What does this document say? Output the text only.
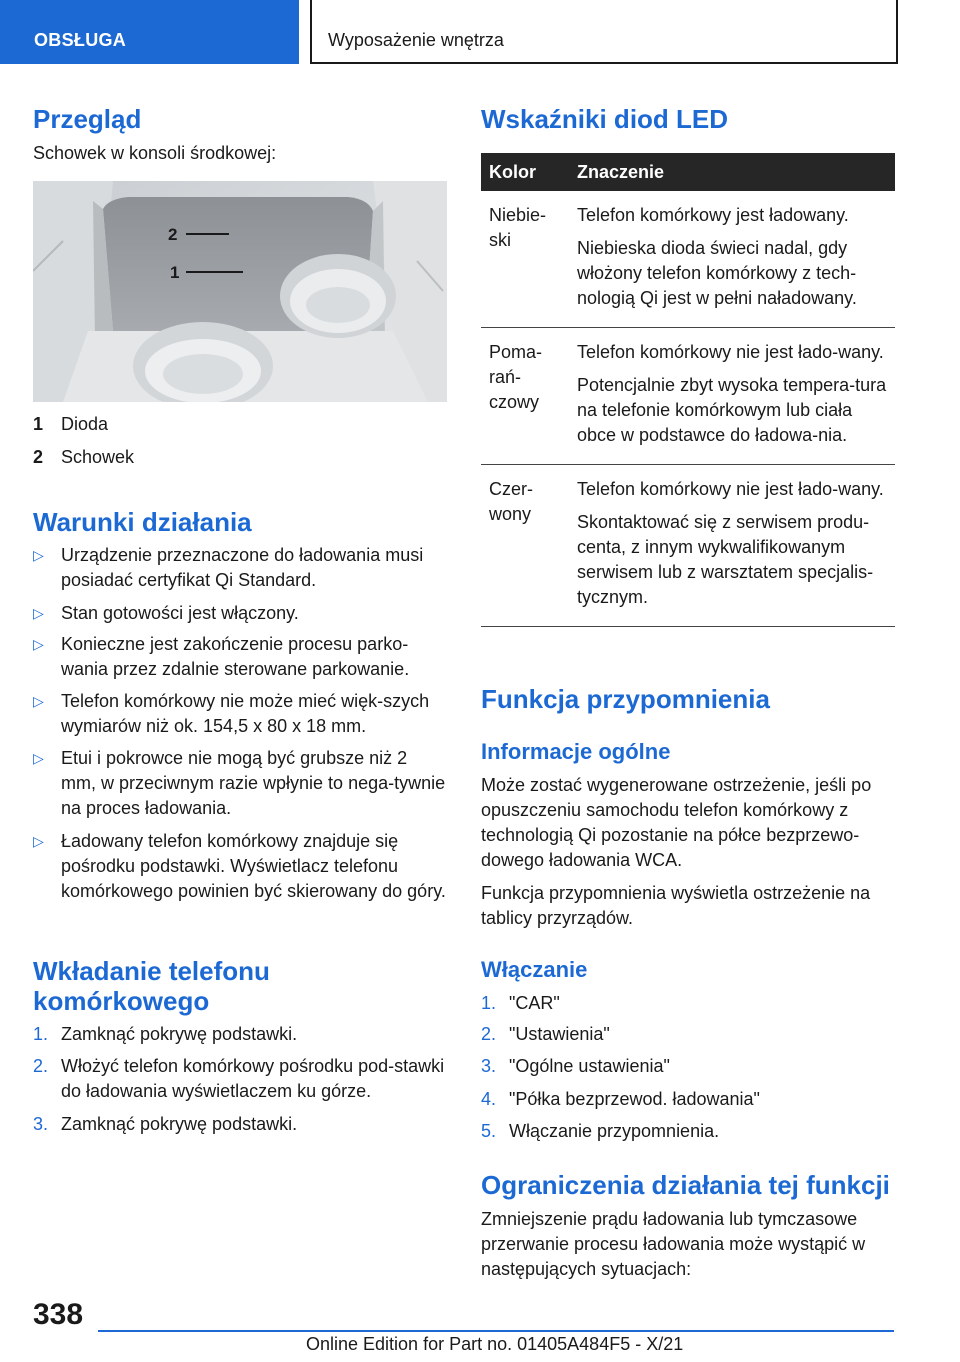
OBSŁUGA	Wyposażenie wnętrza
Przegląd

Schowek w konsoli środkowej:

2
1
1 Dioda
2 Schowek
Warunki działania
▷ Urządzenie przeznaczone do ładowania musi posiadać certyfikat Qi Standard.
▷ Stan gotowości jest włączony.
▷ Konieczne jest zakończenie procesu parko-wania przez zdalnie sterowane parkowanie.
▷ Telefon komórkowy nie może mieć więk-szych wymiarów niż ok. 154,5 x 80 x 18 mm.
▷ Etui i pokrowce nie mogą być grubsze niż 2 mm, w przeciwnym razie wpłynie to nega-tywnie na proces ładowania.
▷ Ładowany telefon komórkowy znajduje się pośrodku podstawki. Wyświetlacz telefonu komórkowego powinien być skierowany do góry.
Wkładanie telefonu
komórkowego
1. Zamknąć pokrywę podstawki.
2. Włożyć telefon komórkowy pośrodku pod-stawki do ładowania wyświetlaczem ku górze.
3. Zamknąć pokrywę podstawki.
Wskaźniki diod LED
Kolor	Znaczenie
Niebie-ski	Telefon komórkowy jest ładowany.
Niebieska dioda świeci nadal, gdy włożony telefon komórkowy z tech-nologią Qi jest w pełni naładowany.

Poma-rań-czowy	Telefon komórkowy nie jest łado-wany.
Potencjalnie zbyt wysoka tempera-tura na telefonie komórkowym lub ciała obce w podstawce do ładowa-nia.

Czer-wony	Telefon komórkowy nie jest łado-wany.
Skontaktować się z serwisem produ-centa, z innym wykwalifikowanym serwisem lub z warsztatem specjalis-tycznym.
Funkcja przypomnienia
Informacje ogólne

Może zostać wygenerowane ostrzeżenie, jeśli po opuszczeniu samochodu telefon komórkowy z technologią Qi pozostanie na półce bezprzewo-dowego ładowania WCA.

Funkcja przypomnienia wyświetla ostrzeżenie na tablicy przyrządów.

Włączanie
1. "CAR"
2. "Ustawienia"
3. "Ogólne ustawienia"
4. "Półka bezprzewod. ładowania"
5. Włączanie przypomnienia.
Ograniczenia działania tej funkcji

Zmniejszenie prądu ładowania lub tymczasowe przerwanie procesu ładowania może wystąpić w następujących sytuacjach:

338
Online Edition for Part no. 01405A484F5 - X/21
